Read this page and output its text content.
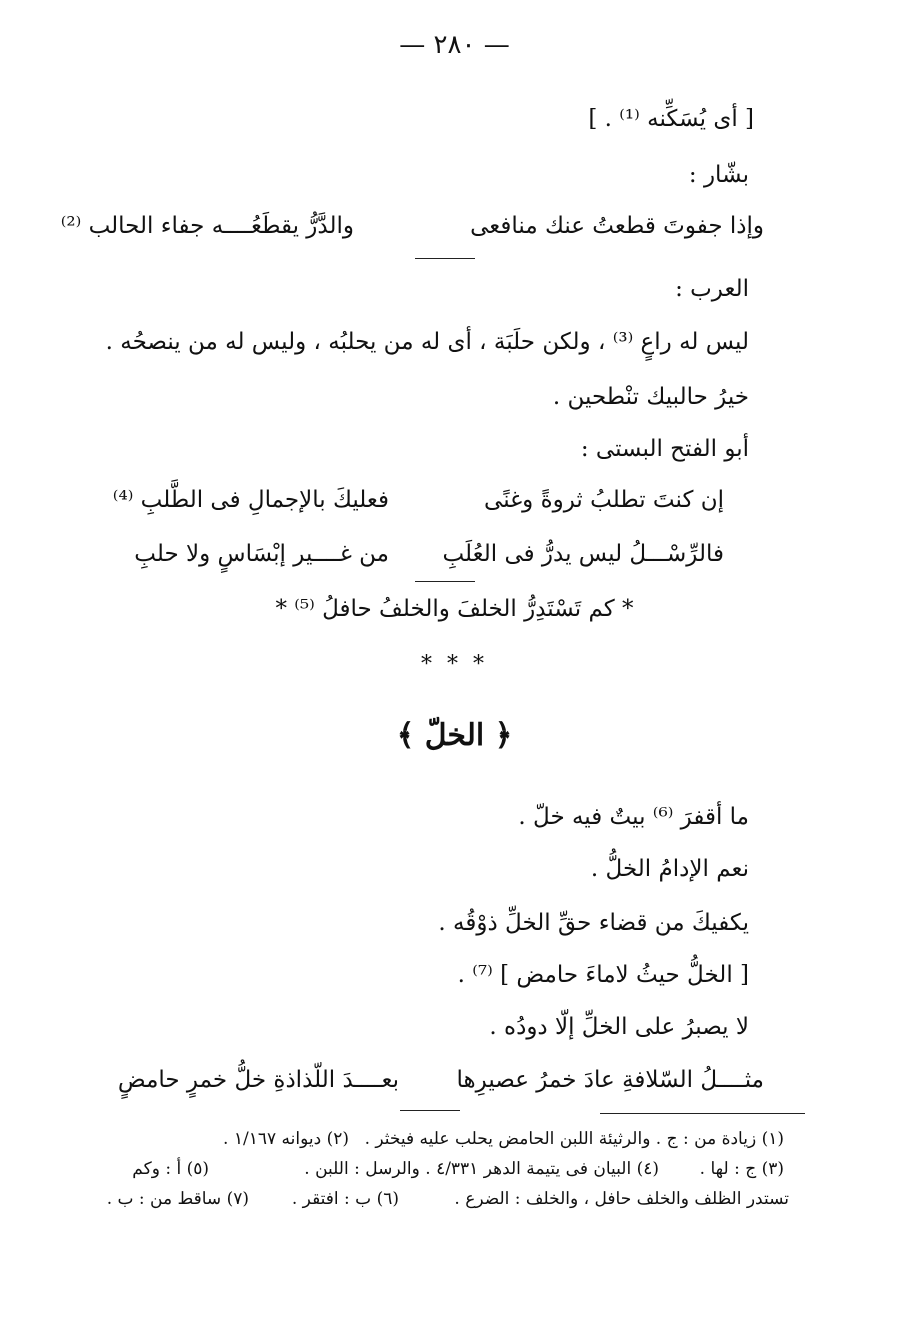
— ٢٨٠ —
[ أى يُسَكِّنه ⁽¹⁾ . ]
بشّار :
وإذا جفوتَ قطعتُ عنك منافعى
والدَّرُّ يقطَعُــــه جفاء الحالب ⁽²⁾
العرب :
ليس له راعٍ ⁽³⁾ ، ولكن حلَبَة ، أى له من يحلبُه ، وليس له من ينصحُه .
خيرُ حالبيك تنْطحين .
أبو الفتح البستى :
إن كنتَ تطلبُ ثروةً وغنًى
فعليكَ بالإجمالِ فى الطَّلبِ ⁽⁴⁾
فالرِّسْـــلُ ليس يدرُّ فى العُلَبِ
من غــــير إبْسَاسٍ ولا حلبِ
* كم تَسْتَدِرُّ الخلفَ والخلفُ حافلُ ⁽⁵⁾ *
* * *
﴿ الخلّ ﴾
ما أقفرَ ⁽⁶⁾ بيتٌ فيه خلّ .
نعم الإدامُ الخلُّ .
يكفيكَ من قضاء حقِّ الخلِّ ذوْقُه .
[ الخلُّ حيثُ لاماءَ حامض ] ⁽⁷⁾ .
لا يصبرُ على الخلِّ إلّا دودُه .
مثــــلُ السّلافةِ عادَ خمرُ عصيرِها
بعــــدَ اللّذاذةِ خلُّ خمرٍ حامضٍ
(١) زيادة من : ج . والرثيئة اللبن الحامض يحلب عليه فيخثر .
(٢) ديوانه ١/١٦٧ .
(٣) ج : لها .
(٤) البيان فى يتيمة الدهر ٤/٣٣١ . والرسل : اللبن .
(٥) أ : وكم
تستدر الظلف والخلف حافل ، والخلف : الضرع .
(٦) ب : افتقر .
(٧) ساقط من : ب .
